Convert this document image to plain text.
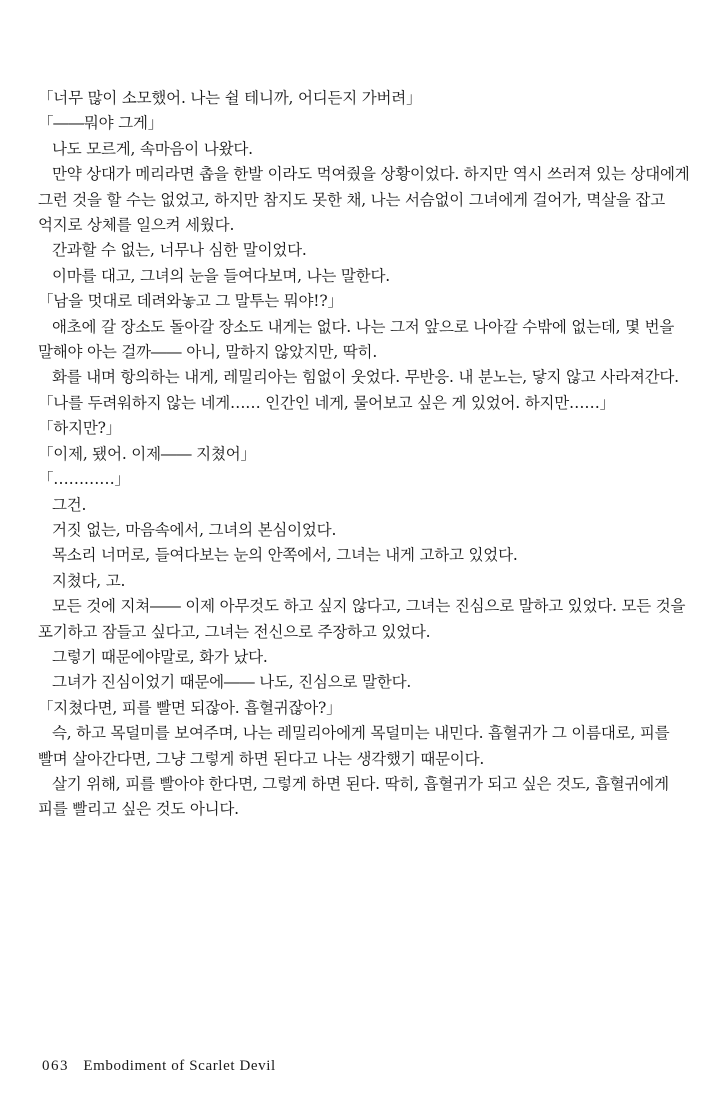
「너무 많이 소모했어. 나는 쉴 테니까, 어디든지 가버려」

「――뭐야 그게」

나도 모르게, 속마음이 나왔다.

만약 상대가 메리라면 촙을 한발 이라도 먹여줬을 상황이었다. 하지만 역시 쓰러져 있는 상대에게 그런 것을 할 수는 없었고, 하지만 참지도 못한 채, 나는 서슴없이 그녀에게 걸어가, 멱살을 잡고 억지로 상체를 일으켜 세웠다.

간과할 수 없는, 너무나 심한 말이었다.

이마를 대고, 그녀의 눈을 들여다보며, 나는 말한다.

「남을 멋대로 데려와놓고 그 말투는 뭐야!?」

애초에 갈 장소도 돌아갈 장소도 내게는 없다. 나는 그저 앞으로 나아갈 수밖에 없는데, 몇 번을 말해야 아는 걸까―― 아니, 말하지 않았지만, 딱히.

화를 내며 항의하는 내게, 레밀리아는 힘없이 웃었다. 무반응. 내 분노는, 닿지 않고 사라져간다.

「나를 두려워하지 않는 네게…… 인간인 네게, 물어보고 싶은 게 있었어. 하지만……」

「하지만?」

「이제, 됐어. 이제―― 지쳤어」

「…………」

그건.

거짓 없는, 마음속에서, 그녀의 본심이었다.

목소리 너머로, 들여다보는 눈의 안쪽에서, 그녀는 내게 고하고 있었다.

지쳤다, 고.

모든 것에 지쳐―― 이제 아무것도 하고 싶지 않다고, 그녀는 진심으로 말하고 있었다. 모든 것을 포기하고 잠들고 싶다고, 그녀는 전신으로 주장하고 있었다.

그렇기 때문에야말로, 화가 났다.

그녀가 진심이었기 때문에―― 나도, 진심으로 말한다.

「지쳤다면, 피를 빨면 되잖아. 흡혈귀잖아?」

슥, 하고 목덜미를 보여주며, 나는 레밀리아에게 목덜미는 내민다. 흡혈귀가 그 이름대로, 피를 빨며 살아간다면, 그냥 그렇게 하면 된다고 나는 생각했기 때문이다.

살기 위해, 피를 빨아야 한다면, 그렇게 하면 된다. 딱히, 흡혈귀가 되고 싶은 것도, 흡혈귀에게 피를 빨리고 싶은 것도 아니다.

063 Embodiment of Scarlet Devil
